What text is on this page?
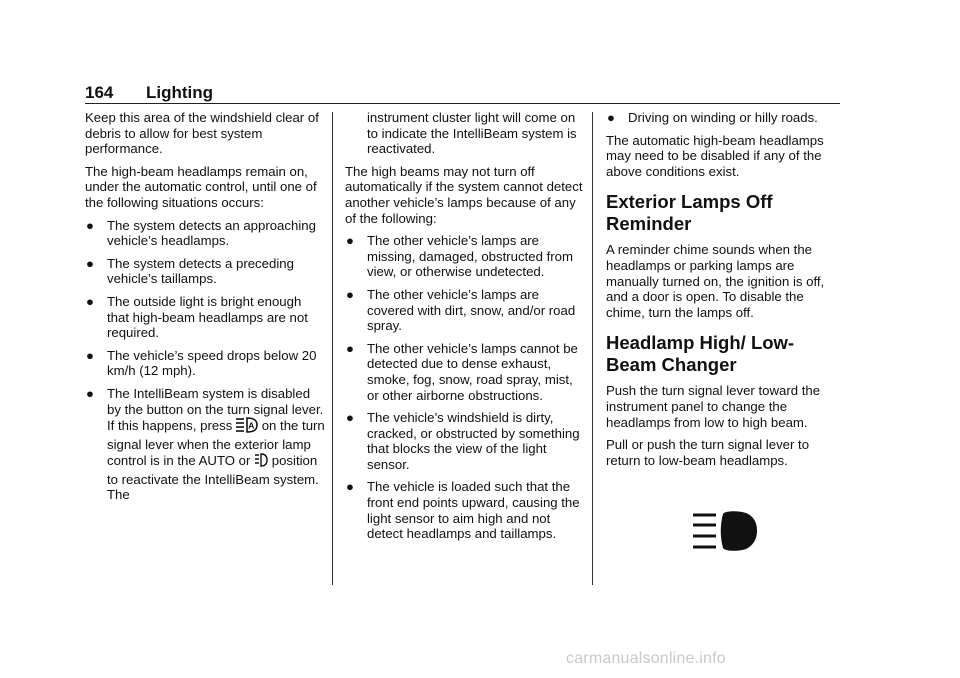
164 Lighting

Keep this area of the windshield clear of debris to allow for best system performance.

The high-beam headlamps remain on, under the automatic control, until one of the following situations occurs:

● The system detects an approaching vehicle’s headlamps.
● The system detects a preceding vehicle’s taillamps.
● The outside light is bright enough that high-beam headlamps are not required.
● The vehicle’s speed drops below 20 km/h (12 mph).
● The IntelliBeam system is disabled by the button on the turn signal lever. If this happens, press A on the turn signal lever when the exterior lamp control is in the AUTO or position to reactivate the IntelliBeam system. The

instrument cluster light will come on to indicate the IntelliBeam system is reactivated.

The high beams may not turn off automatically if the system cannot detect another vehicle’s lamps because of any of the following:

● The other vehicle’s lamps are missing, damaged, obstructed from view, or otherwise undetected.
● The other vehicle’s lamps are covered with dirt, snow, and/or road spray.
● The other vehicle’s lamps cannot be detected due to dense exhaust, smoke, fog, snow, road spray, mist, or other airborne obstructions.
● The vehicle’s windshield is dirty, cracked, or obstructed by something that blocks the view of the light sensor.
● The vehicle is loaded such that the front end points upward, causing the light sensor to aim high and not detect headlamps and taillamps.
● Driving on winding or hilly roads.

The automatic high-beam headlamps may need to be disabled if any of the above conditions exist.

Exterior Lamps Off Reminder

A reminder chime sounds when the headlamps or parking lamps are manually turned on, the ignition is off, and a door is open. To disable the chime, turn the lamps off.

Headlamp High/ Low-Beam Changer

Push the turn signal lever toward the instrument panel to change the headlamps from low to high beam.

Pull or push the turn signal lever to return to low-beam headlamps.

carmanualsonline.info
